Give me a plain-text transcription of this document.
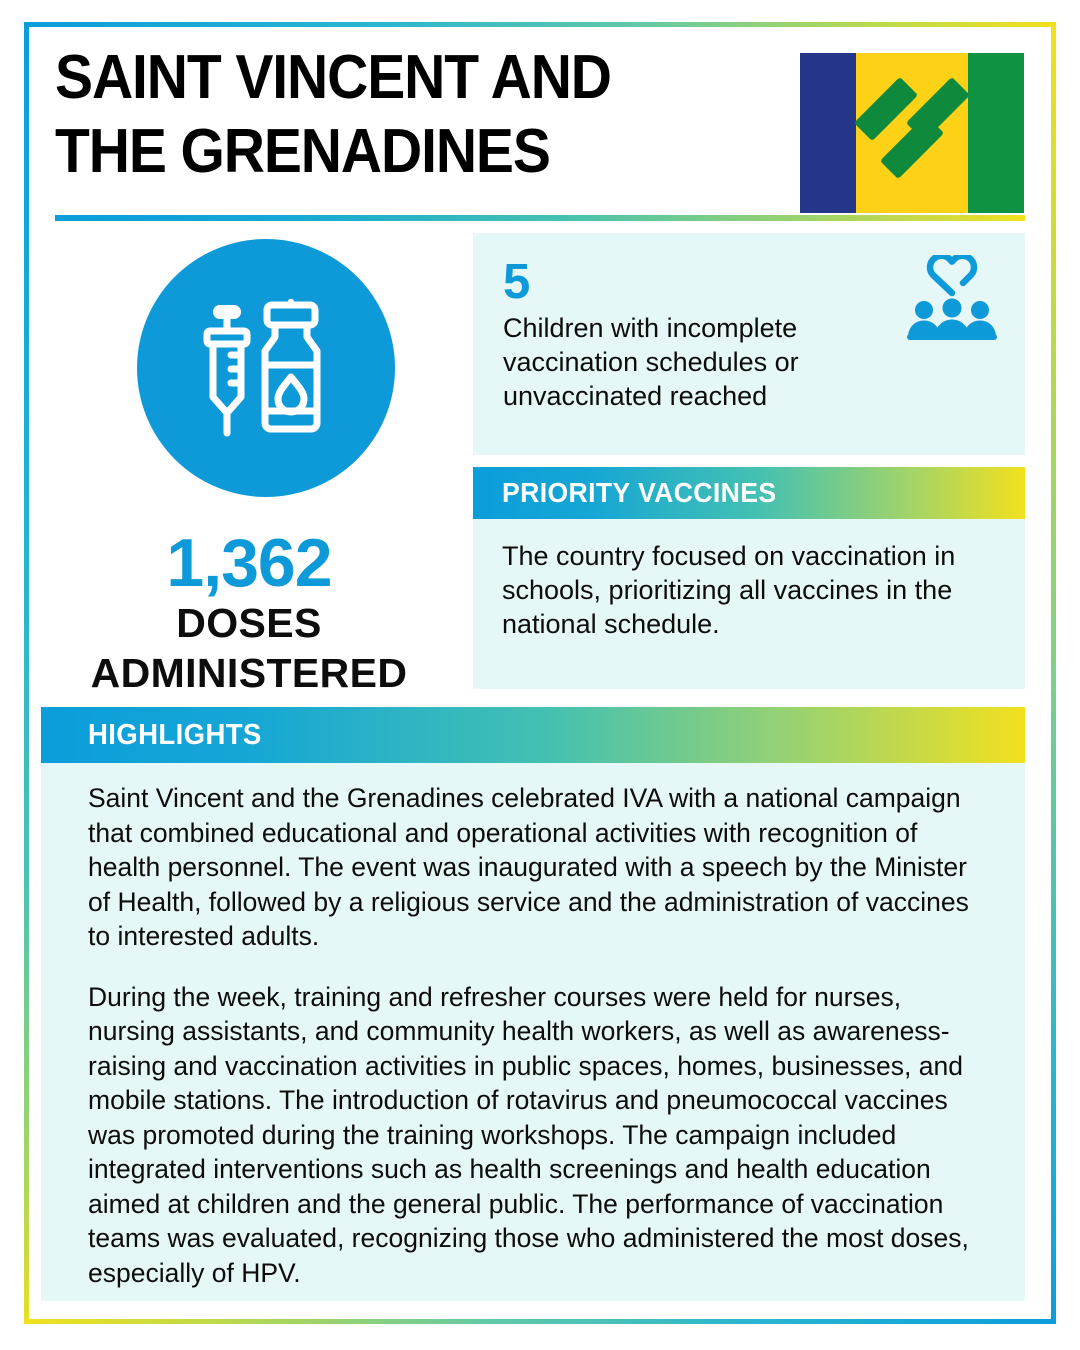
SAINT VINCENT AND THE GRENADINES
1,362
DOSES
ADMINISTERED
5
Children with incomplete vaccination schedules or unvaccinated reached
PRIORITY VACCINES
The country focused on vaccination in schools, prioritizing all vaccines in the national schedule.
HIGHLIGHTS

Saint Vincent and the Grenadines celebrated IVA with a national campaign that combined educational and operational activities with recognition of health personnel. The event was inaugurated with a speech by the Minister of Health, followed by a religious service and the administration of vaccines to interested adults.

During the week, training and refresher courses were held for nurses, nursing assistants, and community health workers, as well as awareness-raising and vaccination activities in public spaces, homes, businesses, and mobile stations. The introduction of rotavirus and pneumococcal vaccines was promoted during the training workshops. The campaign included integrated interventions such as health screenings and health education aimed at children and the general public. The performance of vaccination teams was evaluated, recognizing those who administered the most doses, especially of HPV.
